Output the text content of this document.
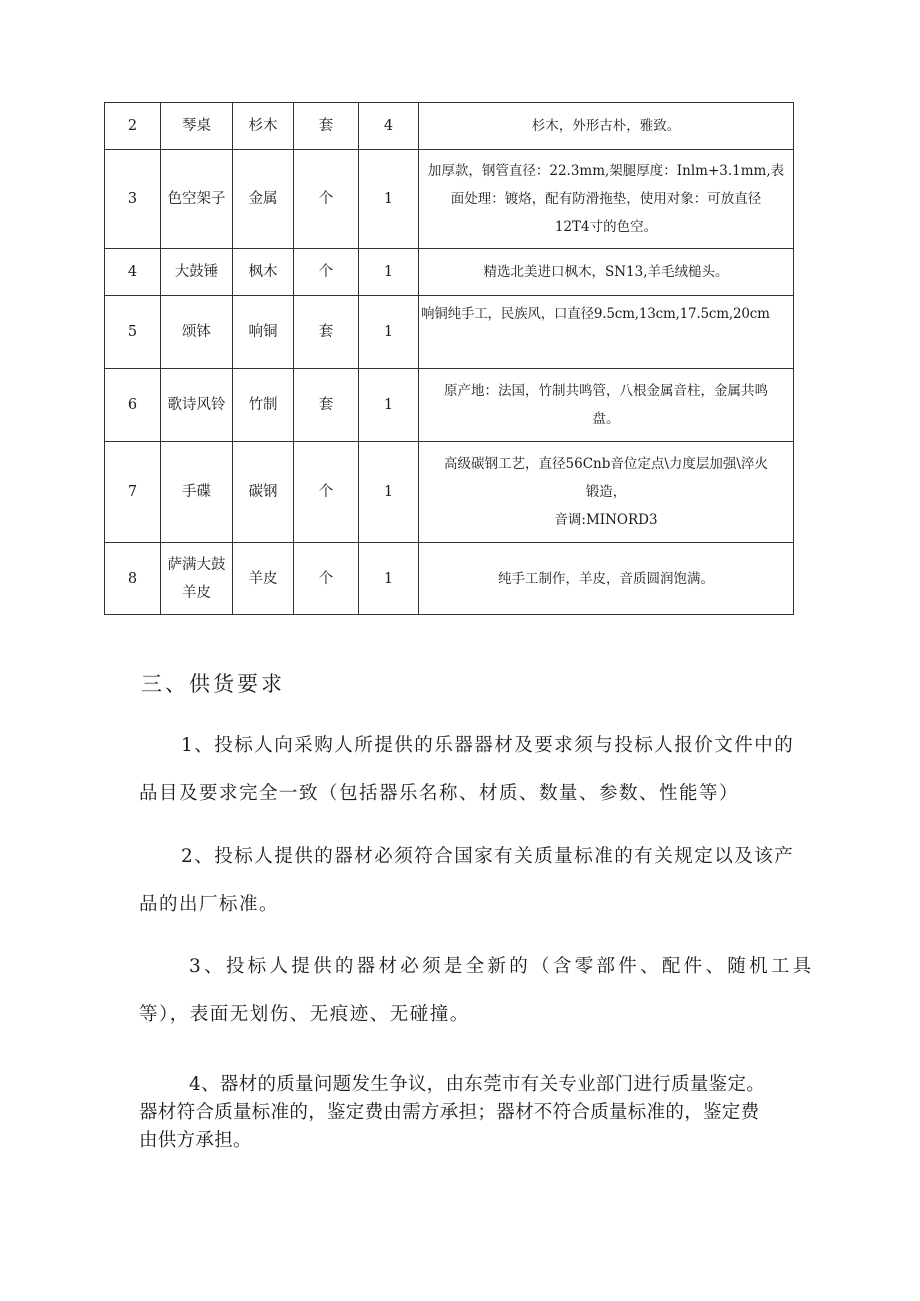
2	琴桌	杉木	套	4	杉木，外形古朴，雅致。

3	色空架子	金属	个	1	加厚款，钢管直径：22.3mm,架腿厚度：Inlm+3.1mm,表
面处理：镀烙，配有防滑拖垫，使用对象：可放直径
12T4寸的色空。

4	大鼓锤	枫木	个	1	精选北美进口枫木，SN13,羊毛绒槌头。

5	颂钵	响铜	套	1	响铜纯手工，民族风，口直径9.5cm,13cm,17.5cm,20cm

6	歌诗风铃	竹制	套	1	原产地：法国，竹制共鸣管，八根金属音柱，金属共鸣
盘。

7	手碟	碳钢	个	1	高级碳钢工艺，直径56Cnb音位定点\力度层加强\淬火
锻造，
音调:MINORD3

8	萨满大鼓羊皮	羊皮	个	1	纯手工制作，羊皮，音质圆润饱满。
三、供货要求
1、投标人向采购人所提供的乐器器材及要求须与投标人报价文件中的
品目及要求完全一致（包括器乐名称、材质、数量、参数、性能等）
2、投标人提供的器材必须符合国家有关质量标准的有关规定以及该产
品的出厂标准。
3、投标人提供的器材必须是全新的（含零部件、配件、随机工具
等），表面无划伤、无痕迹、无碰撞。
4、器材的质量问题发生争议，由东莞市有关专业部门进行质量鉴定。
器材符合质量标准的，鉴定费由需方承担；器材不符合质量标准的，鉴定费
由供方承担。
